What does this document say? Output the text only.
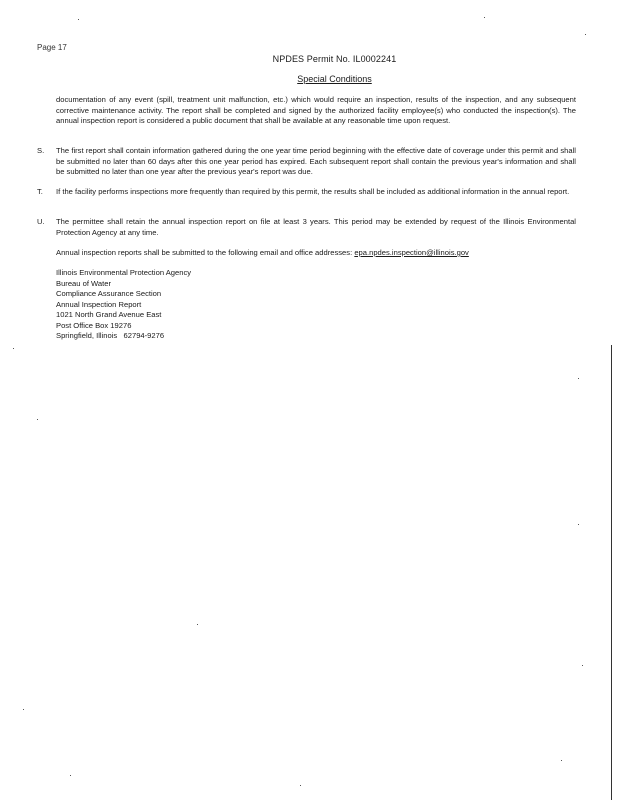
Page 17
NPDES Permit No. IL0002241
Special Conditions

documentation of any event (spill, treatment unit malfunction, etc.) which would require an inspection, results of the inspection, and any subsequent corrective maintenance activity. The report shall be completed and signed by the authorized facility employee(s) who conducted the inspection(s). The annual inspection report is considered a public document that shall be available at any reasonable time upon request.

S. The first report shall contain information gathered during the one year time period beginning with the effective date of coverage under this permit and shall be submitted no later than 60 days after this one year period has expired. Each subsequent report shall contain the previous year's information and shall be submitted no later than one year after the previous year's report was due.
T. If the facility performs inspections more frequently than required by this permit, the results shall be included as additional information in the annual report.
U. The permittee shall retain the annual inspection report on file at least 3 years. This period may be extended by request of the Illinois Environmental Protection Agency at any time.
Annual inspection reports shall be submitted to the following email and office addresses: epa.npdes.inspection@illinois.gov
Illinois Environmental Protection Agency
Bureau of Water
Compliance Assurance Section
Annual Inspection Report
1021 North Grand Avenue East
Post Office Box 19276
Springfield, Illinois   62794-9276
